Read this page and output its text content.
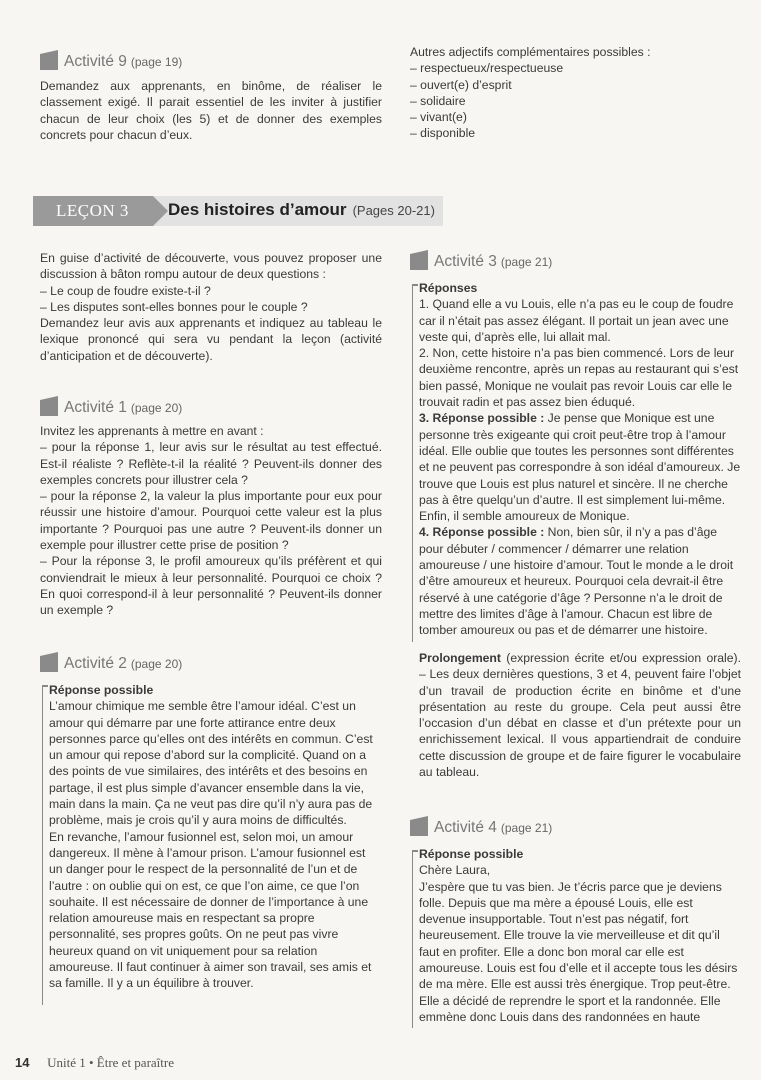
Activité 9 (page 19)

Demandez aux apprenants, en binôme, de réaliser le classement exigé. Il parait essentiel de les inviter à justifier chacun de leur choix (les 5) et de donner des exemples concrets pour chacun d’eux.

Autres adjectifs complémentaires possibles :

– respectueux/respectueuse
– ouvert(e) d’esprit
– solidaire
– vivant(e)
– disponible
LEÇON 3 Des histoires d’amour (Pages 20-21)

En guise d’activité de découverte, vous pouvez proposer une discussion à bâton rompu autour de deux questions :

– Le coup de foudre existe-t-il ?

– Les disputes sont-elles bonnes pour le couple ?

Demandez leur avis aux apprenants et indiquez au tableau le lexique prononcé qui sera vu pendant la leçon (activité d’anticipation et de découverte).

Activité 1 (page 20)

Invitez les apprenants à mettre en avant :

– pour la réponse 1, leur avis sur le résultat au test effectué. Est-il réaliste ? Reflète-t-il la réalité ? Peuvent-ils donner des exemples concrets pour illustrer cela ?

– pour la réponse 2, la valeur la plus importante pour eux pour réussir une histoire d’amour. Pourquoi cette valeur est la plus importante ? Pourquoi pas une autre ? Peuvent-ils donner un exemple pour illustrer cette prise de position ?

– Pour la réponse 3, le profil amoureux qu’ils préfèrent et qui conviendrait le mieux à leur personnalité. Pourquoi ce choix ? En quoi correspond-il à leur personnalité ? Peuvent-ils donner un exemple ?

Activité 2 (page 20)

Réponse possible

L’amour chimique me semble être l’amour idéal. C’est un amour qui démarre par une forte attirance entre deux personnes parce qu’elles ont des intérêts en commun. C’est un amour qui repose d’abord sur la complicité. Quand on a des points de vue similaires, des intérêts et des besoins en partage, il est plus simple d’avancer ensemble dans la vie, main dans la main. Ça ne veut pas dire qu’il n’y aura pas de problème, mais je crois qu’il y aura moins de difficultés.

En revanche, l’amour fusionnel est, selon moi, un amour dangereux. Il mène à l’amour prison. L’amour fusionnel est un danger pour le respect de la personnalité de l’un et de l’autre : on oublie qui on est, ce que l’on aime, ce que l’on souhaite. Il est nécessaire de donner de l’importance à une relation amoureuse mais en respectant sa propre personnalité, ses propres goûts. On ne peut pas vivre heureux quand on vit uniquement pour sa relation amoureuse. Il faut continuer à aimer son travail, ses amis et sa famille. Il y a un équilibre à trouver.

Activité 3 (page 21)

Réponses

1. Quand elle a vu Louis, elle n’a pas eu le coup de foudre car il n’était pas assez élégant. Il portait un jean avec une veste qui, d’après elle, lui allait mal.

2. Non, cette histoire n’a pas bien commencé. Lors de leur deuxième rencontre, après un repas au restaurant qui s’est bien passé, Monique ne voulait pas revoir Louis car elle le trouvait radin et pas assez bien éduqué.

3. Réponse possible : Je pense que Monique est une personne très exigeante qui croit peut-être trop à l’amour idéal. Elle oublie que toutes les personnes sont différentes et ne peuvent pas correspondre à son idéal d’amoureux. Je trouve que Louis est plus naturel et sincère. Il ne cherche pas à être quelqu’un d’autre. Il est simplement lui-même. Enfin, il semble amoureux de Monique.

4. Réponse possible : Non, bien sûr, il n’y a pas d’âge pour débuter / commencer / démarrer une relation amoureuse / une histoire d’amour. Tout le monde a le droit d’être amoureux et heureux. Pourquoi cela devrait-il être réservé à une catégorie d’âge ? Personne n’a le droit de mettre des limites d’âge à l’amour. Chacun est libre de tomber amoureux ou pas et de démarrer une histoire.

Prolongement (expression écrite et/ou expression orale). – Les deux dernières questions, 3 et 4, peuvent faire l’objet d’un travail de production écrite en binôme et d’une présentation au reste du groupe. Cela peut aussi être l’occasion d’un débat en classe et d’un prétexte pour un enrichissement lexical. Il vous appartiendrait de conduire cette discussion de groupe et de faire figurer le vocabulaire au tableau.

Activité 4 (page 21)

Réponse possible

Chère Laura,

J’espère que tu vas bien. Je t’écris parce que je deviens folle. Depuis que ma mère a épousé Louis, elle est devenue insupportable. Tout n’est pas négatif, fort heureusement. Elle trouve la vie merveilleuse et dit qu’il faut en profiter. Elle a donc bon moral car elle est amoureuse. Louis est fou d’elle et il accepte tous les désirs de ma mère. Elle est aussi très énergique. Trop peut-être. Elle a décidé de reprendre le sport et la randonnée. Elle emmène donc Louis dans des randonnées en haute

14 Unité 1 • Être et paraître
